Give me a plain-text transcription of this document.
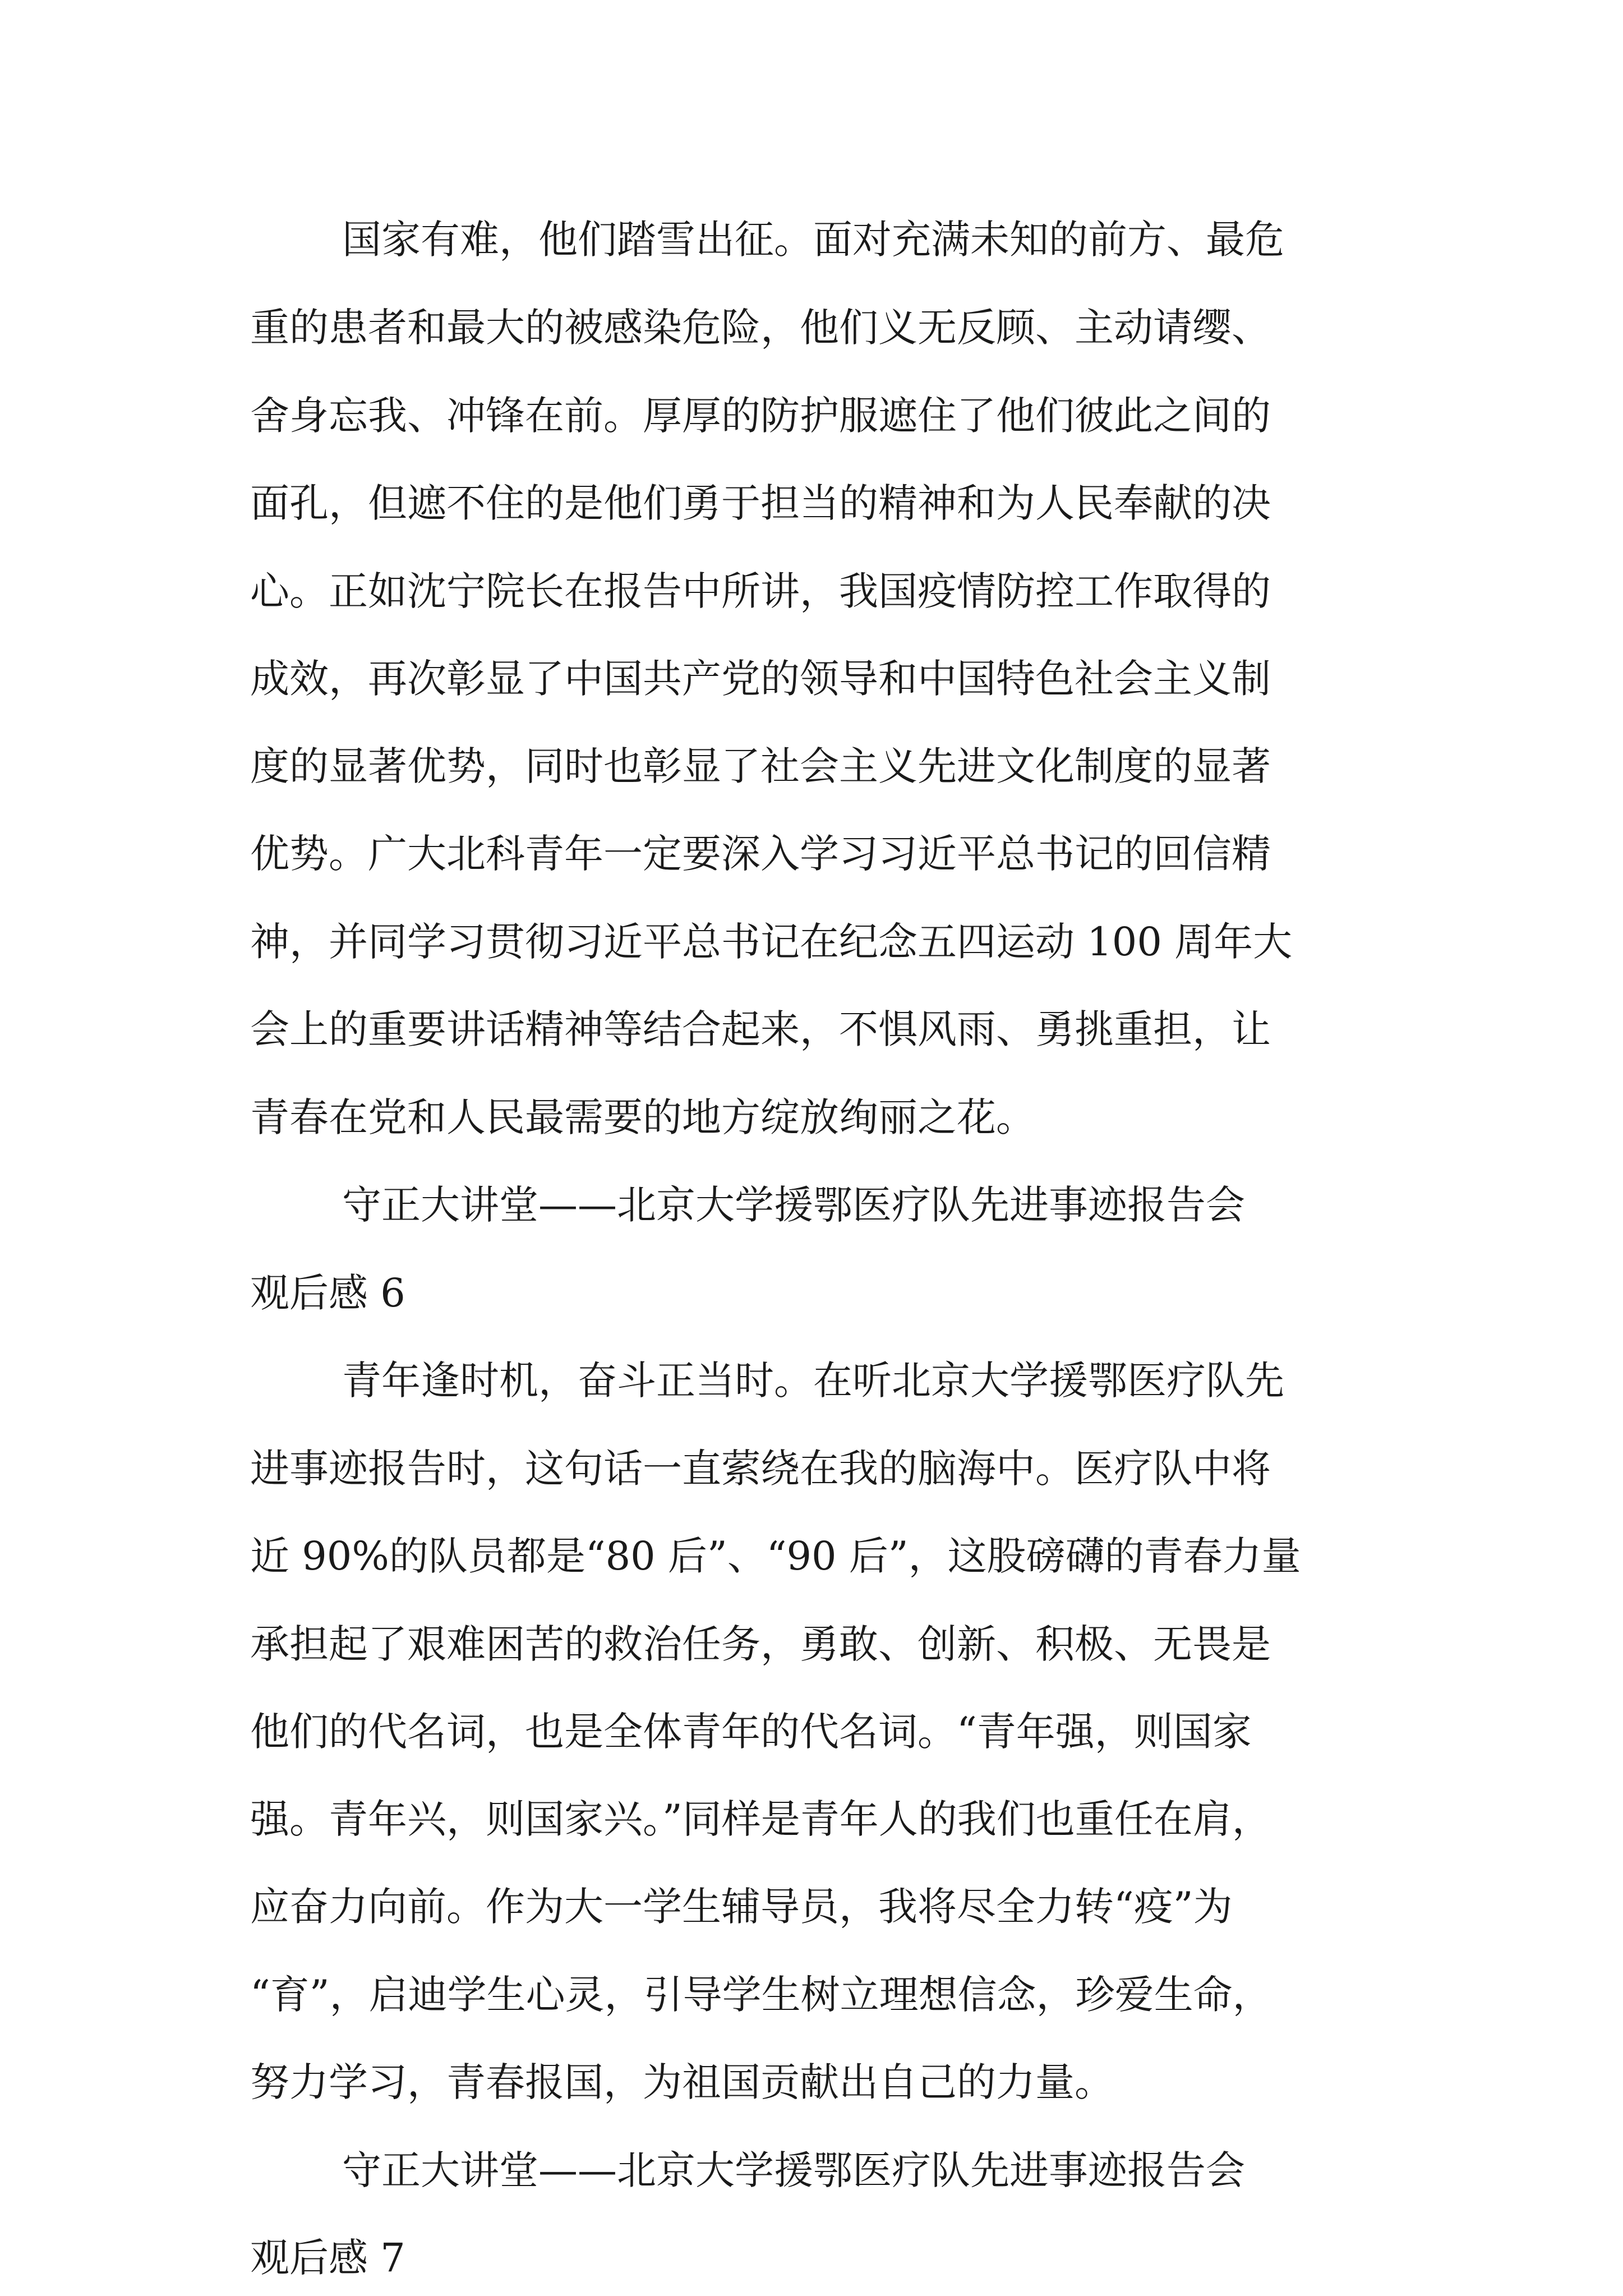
国家有难，他们踏雪出征。面对充满未知的前方、最危
重的患者和最大的被感染危险，他们义无反顾、主动请缨、
舍身忘我、冲锋在前。厚厚的防护服遮住了他们彼此之间的
面孔，但遮不住的是他们勇于担当的精神和为人民奉献的决
心。正如沈宁院长在报告中所讲，我国疫情防控工作取得的
成效，再次彰显了中国共产党的领导和中国特色社会主义制
度的显著优势，同时也彰显了社会主义先进文化制度的显著
优势。广大北科青年一定要深入学习习近平总书记的回信精
神，并同学习贯彻习近平总书记在纪念五四运动 100 周年大
会上的重要讲话精神等结合起来，不惧风雨、勇挑重担，让
青春在党和人民最需要的地方绽放绚丽之花。
守正大讲堂——北京大学援鄂医疗队先进事迹报告会
观后感 6
青年逢时机，奋斗正当时。在听北京大学援鄂医疗队先
进事迹报告时，这句话一直萦绕在我的脑海中。医疗队中将
近 90%的队员都是“80 后”、“90 后”，这股磅礴的青春力量
承担起了艰难困苦的救治任务，勇敢、创新、积极、无畏是
他们的代名词，也是全体青年的代名词。“青年强，则国家
强。青年兴，则国家兴。”同样是青年人的我们也重任在肩，
应奋力向前。作为大一学生辅导员，我将尽全力转“疫”为
“育”，启迪学生心灵，引导学生树立理想信念，珍爱生命，
努力学习，青春报国，为祖国贡献出自己的力量。
守正大讲堂——北京大学援鄂医疗队先进事迹报告会
观后感 7
